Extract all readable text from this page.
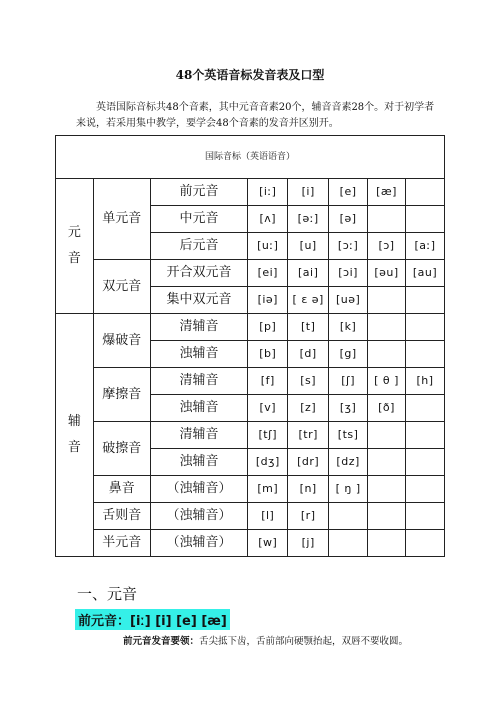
48个英语音标发音表及口型
英语国际音标共48个音素，其中元音音素20个，辅音音素28个。对于初学者来说，若采用集中教学，要学会48个音素的发音并区别开。
国际音标（英语语音）							

元
音	单元音	前元音	[iː]	[i]	[e]	[æ]	
		中元音	[ʌ]	[əː]	[ə]		
		后元音	[uː]	[u]	[ɔː]	[ɔ]	[aː]
	双元音	开合双元音	[ei]	[ai]	[ɔi]	[əu]	[au]
		集中双元音	[iə]	[ ɛ ə]	[uə]		

辅
音	爆破音	清辅音	[p]	[t]	[k]		
		浊辅音	[b]	[d]	[g]		
	摩擦音	清辅音	[f]	[s]	[ʃ]	[ θ ]	[h]
		浊辅音	[v]	[z]	[ʒ]	[ð]	
	破擦音	清辅音	[tʃ]	[tr]	[ts]		
		浊辅音	[dʒ]	[dr]	[dz]		
	鼻音	（浊辅音）	[m]	[n]	[ ŋ ]		
	舌则音	（浊辅音）	[l]	[r]			
	半元音	（浊辅音）	[w]	[j]			
一、元音
前元音：[iː] [i] [e] [æ]
前元音发音要领：舌尖抵下齿，舌前部向硬颚抬起，双唇不要收圆。
